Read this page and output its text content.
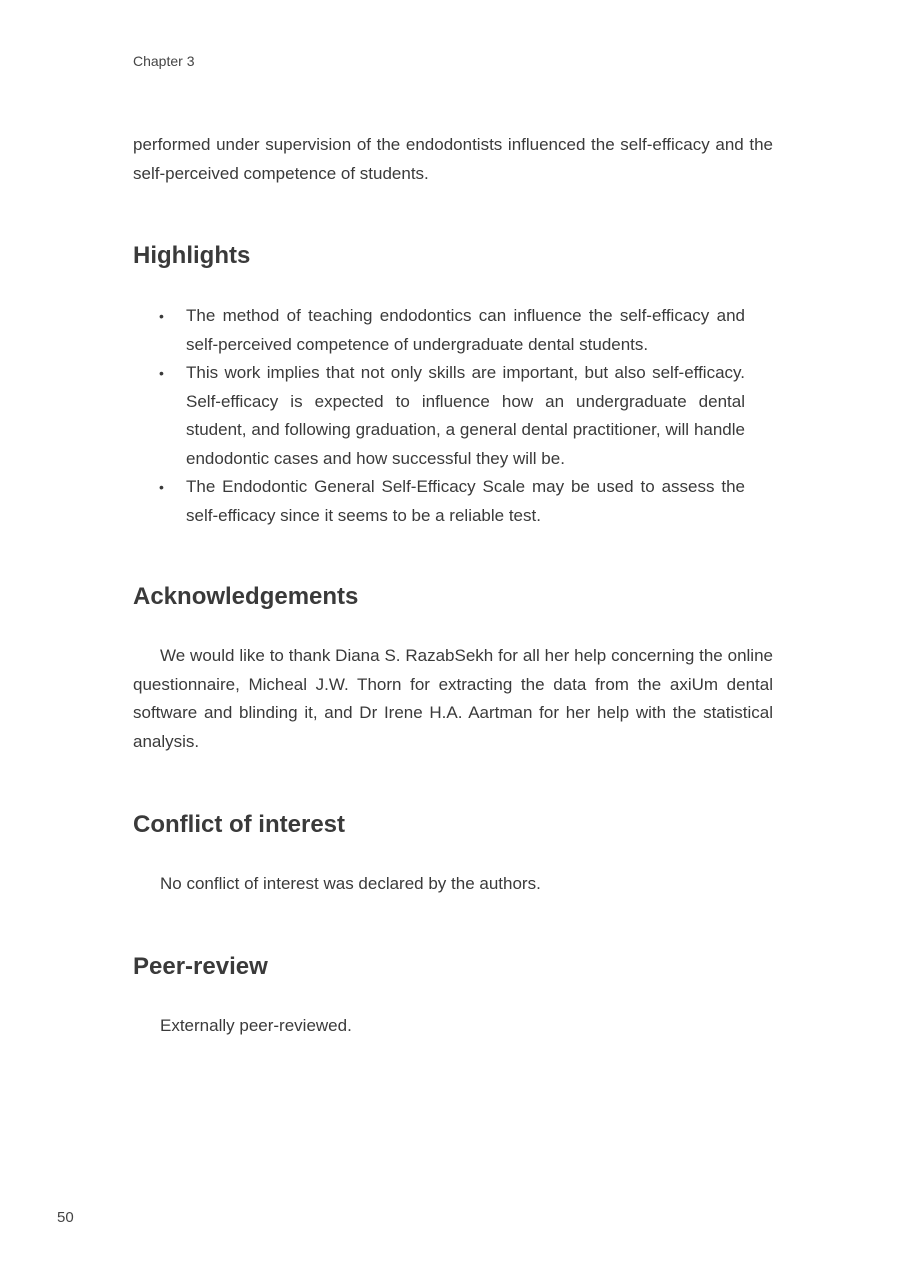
Chapter 3

performed under supervision of the endodontists influenced the self-efficacy and the self-perceived competence of students.

Highlights
• The method of teaching endodontics can influence the self-efficacy and self-perceived competence of undergraduate dental students.
• This work implies that not only skills are important, but also self-efficacy. Self-efficacy is expected to influence how an undergraduate dental student, and following graduation, a general dental practitioner, will handle endodontic cases and how successful they will be.
• The Endodontic General Self-Efficacy Scale may be used to assess the self-efficacy since it seems to be a reliable test.
Acknowledgements

We would like to thank Diana S. RazabSekh for all her help concerning the online questionnaire, Micheal J.W. Thorn for extracting the data from the axiUm dental software and blinding it, and Dr Irene H.A. Aartman for her help with the statistical analysis.

Conflict of interest

No conflict of interest was declared by the authors.

Peer-review

Externally peer-reviewed.

50
